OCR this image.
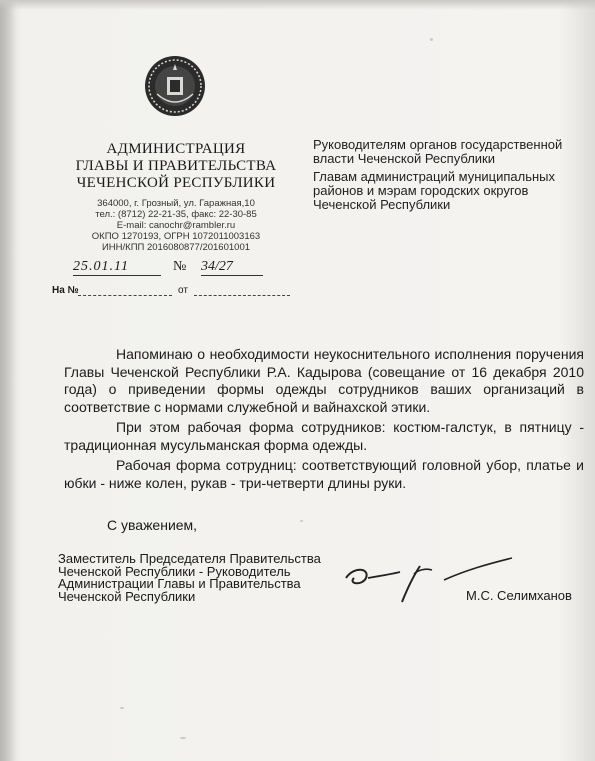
АДМИНИСТРАЦИЯ
ГЛАВЫ И ПРАВИТЕЛЬСТВА
ЧЕЧЕНСКОЙ РЕСПУБЛИКИ
364000, г. Грозный, ул. Гаражная,10
тел.: (8712) 22-21-35, факс: 22-30-85
E-mail: canochr@rambler.ru
ОКПО 1270193, ОГРН 1072011003163
ИНН/КПП 2016080877/201601001
25.01.11	№ 34/27
На №	от
Руководителям органов государственной
власти Чеченской Республики
Главам администраций муниципальных
районов и мэрам городских округов
Чеченской Республики

Напоминаю о необходимости неукоснительного исполнения поручения Главы Чеченской Республики Р.А. Кадырова (совещание от 16 декабря 2010 года) о приведении формы одежды сотрудников ваших организаций в соответствие с нормами служебной и вайнахской этики.

При этом рабочая форма сотрудников: костюм-галстук, в пятницу - традиционная мусульманская форма одежды.

Рабочая форма сотрудниц: соответствующий головной убор, платье и юбки - ниже колен, рукав - три-четверти длины руки.

С уважением,
Заместитель Председателя Правительства
Чеченской Республики - Руководитель
Администрации Главы и Правительства
Чеченской Республики	М.С. Селимханов
